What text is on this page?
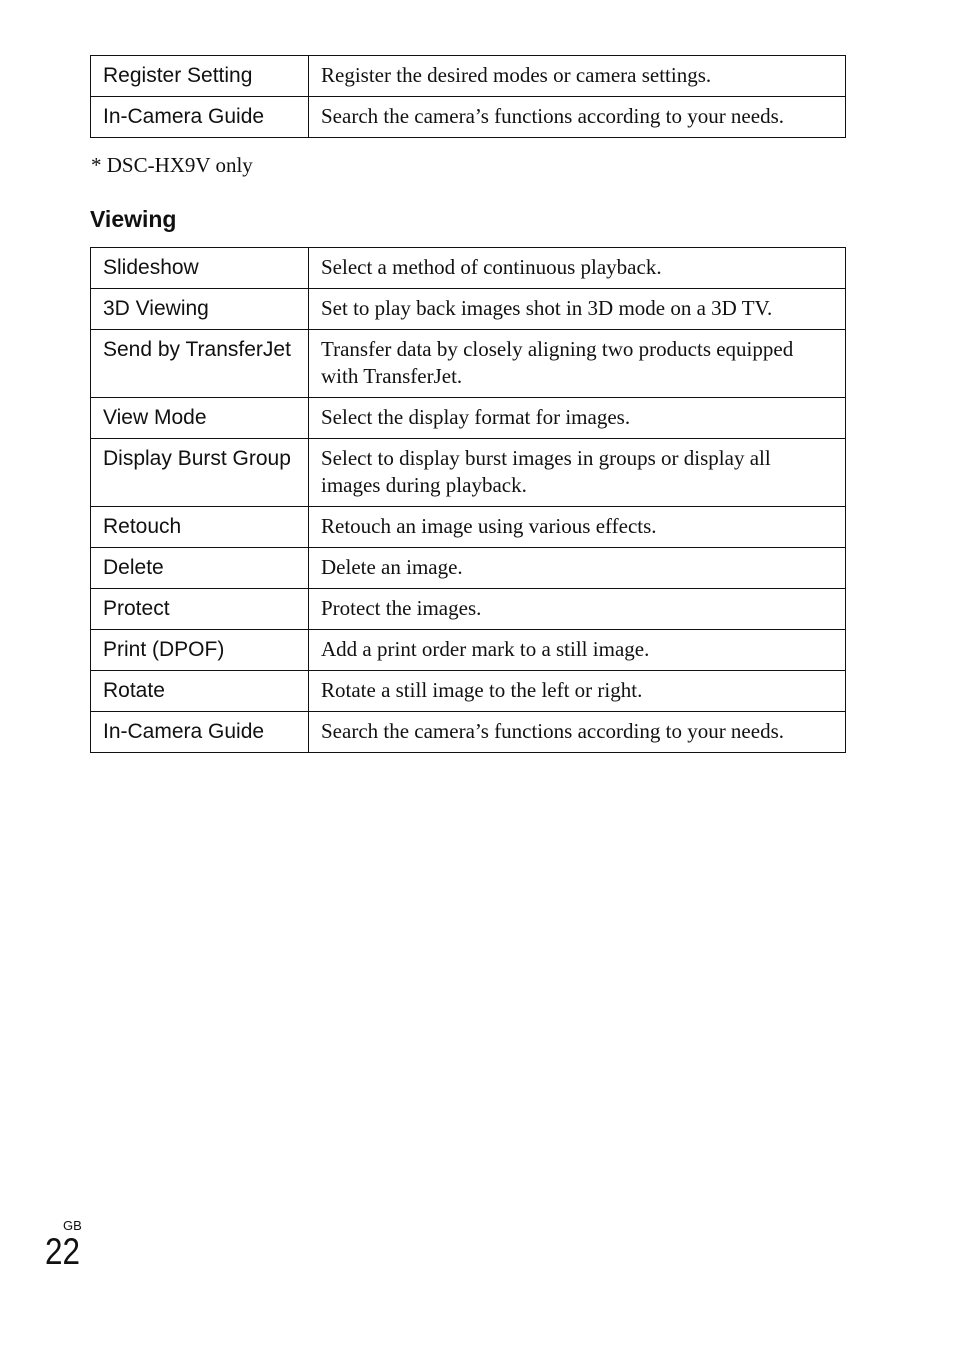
Register Setting	Register the desired modes or camera settings.
In-Camera Guide	Search the camera’s functions according to your needs.
* DSC-HX9V only
Viewing
Slideshow	Select a method of continuous playback.
3D Viewing	Set to play back images shot in 3D mode on a 3D TV.
Send by TransferJet	Transfer data by closely aligning two products equipped with TransferJet.
View Mode	Select the display format for images.
Display Burst Group	Select to display burst images in groups or display all images during playback.
Retouch	Retouch an image using various effects.
Delete	Delete an image.
Protect	Protect the images.
Print (DPOF)	Add a print order mark to a still image.
Rotate	Rotate a still image to the left or right.
In-Camera Guide	Search the camera’s functions according to your needs.
GB
22
